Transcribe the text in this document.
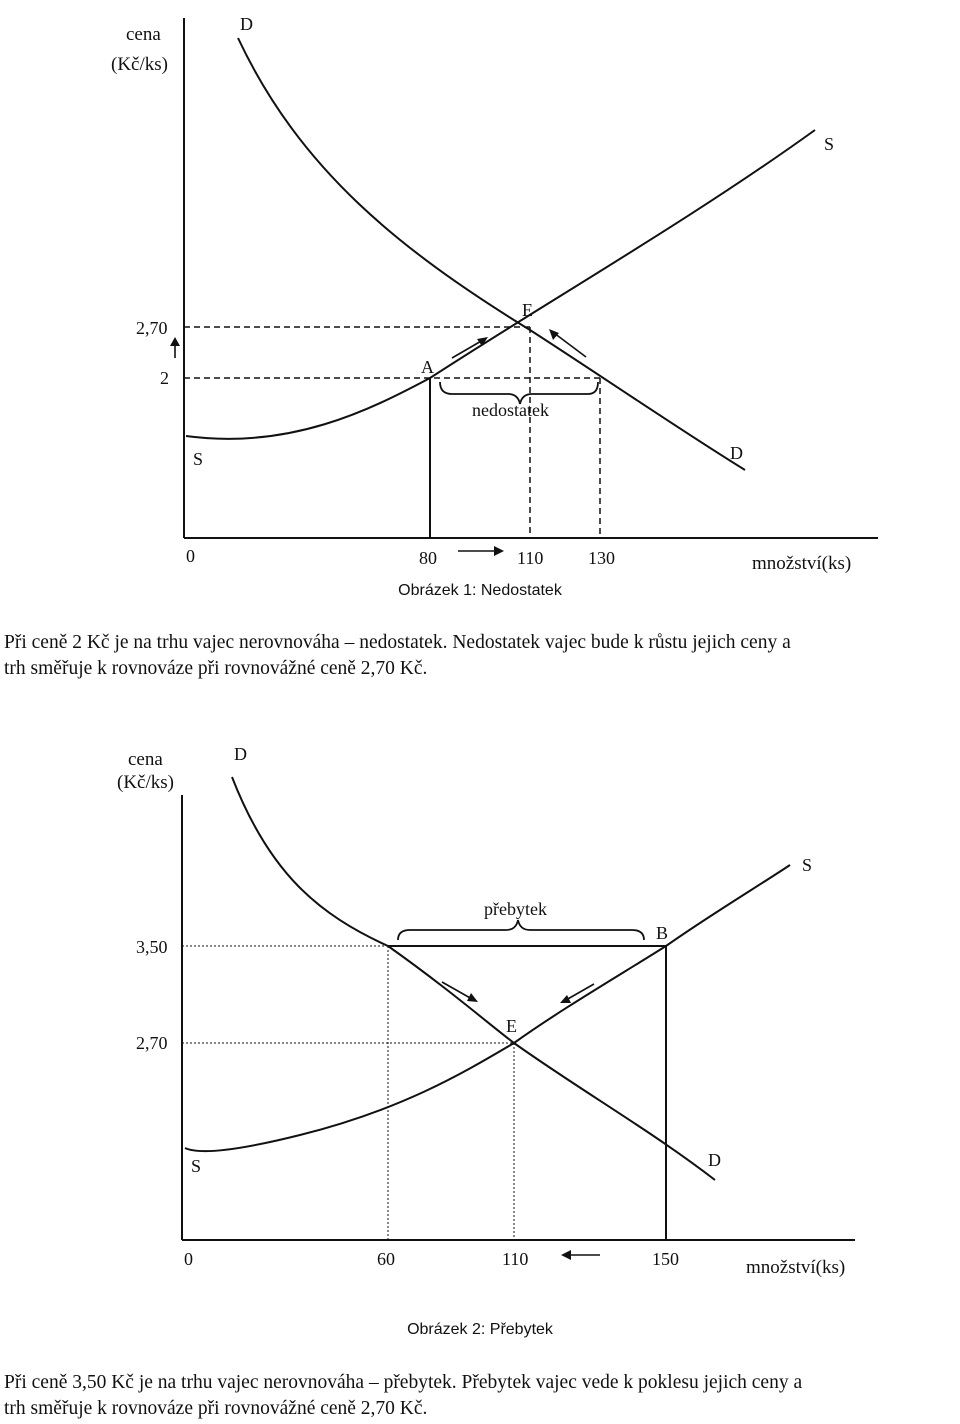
nedostatek
cena
(Kč/ks)
množství(ks)
0	80	110 130
2,70
2
D
D
S
S
A
E
Obrázek 1: Nedostatek
Při ceně 2 Kč je na trhu vajec nerovnováha – nedostatek. Nedostatek vajec bude k růstu jejich ceny a
trh směřuje k rovnováze při rovnovážné ceně 2,70 Kč.
přebytek
cena
(Kč/ks)
množství(ks)
0	60	110	150
3,50
2,70
D
D
S
S
B
E
Obrázek 2: Přebytek
Při ceně 3,50 Kč je na trhu vajec nerovnováha – přebytek. Přebytek vajec vede k poklesu jejich ceny a
trh směřuje k rovnováze při rovnovážné ceně 2,70 Kč.
